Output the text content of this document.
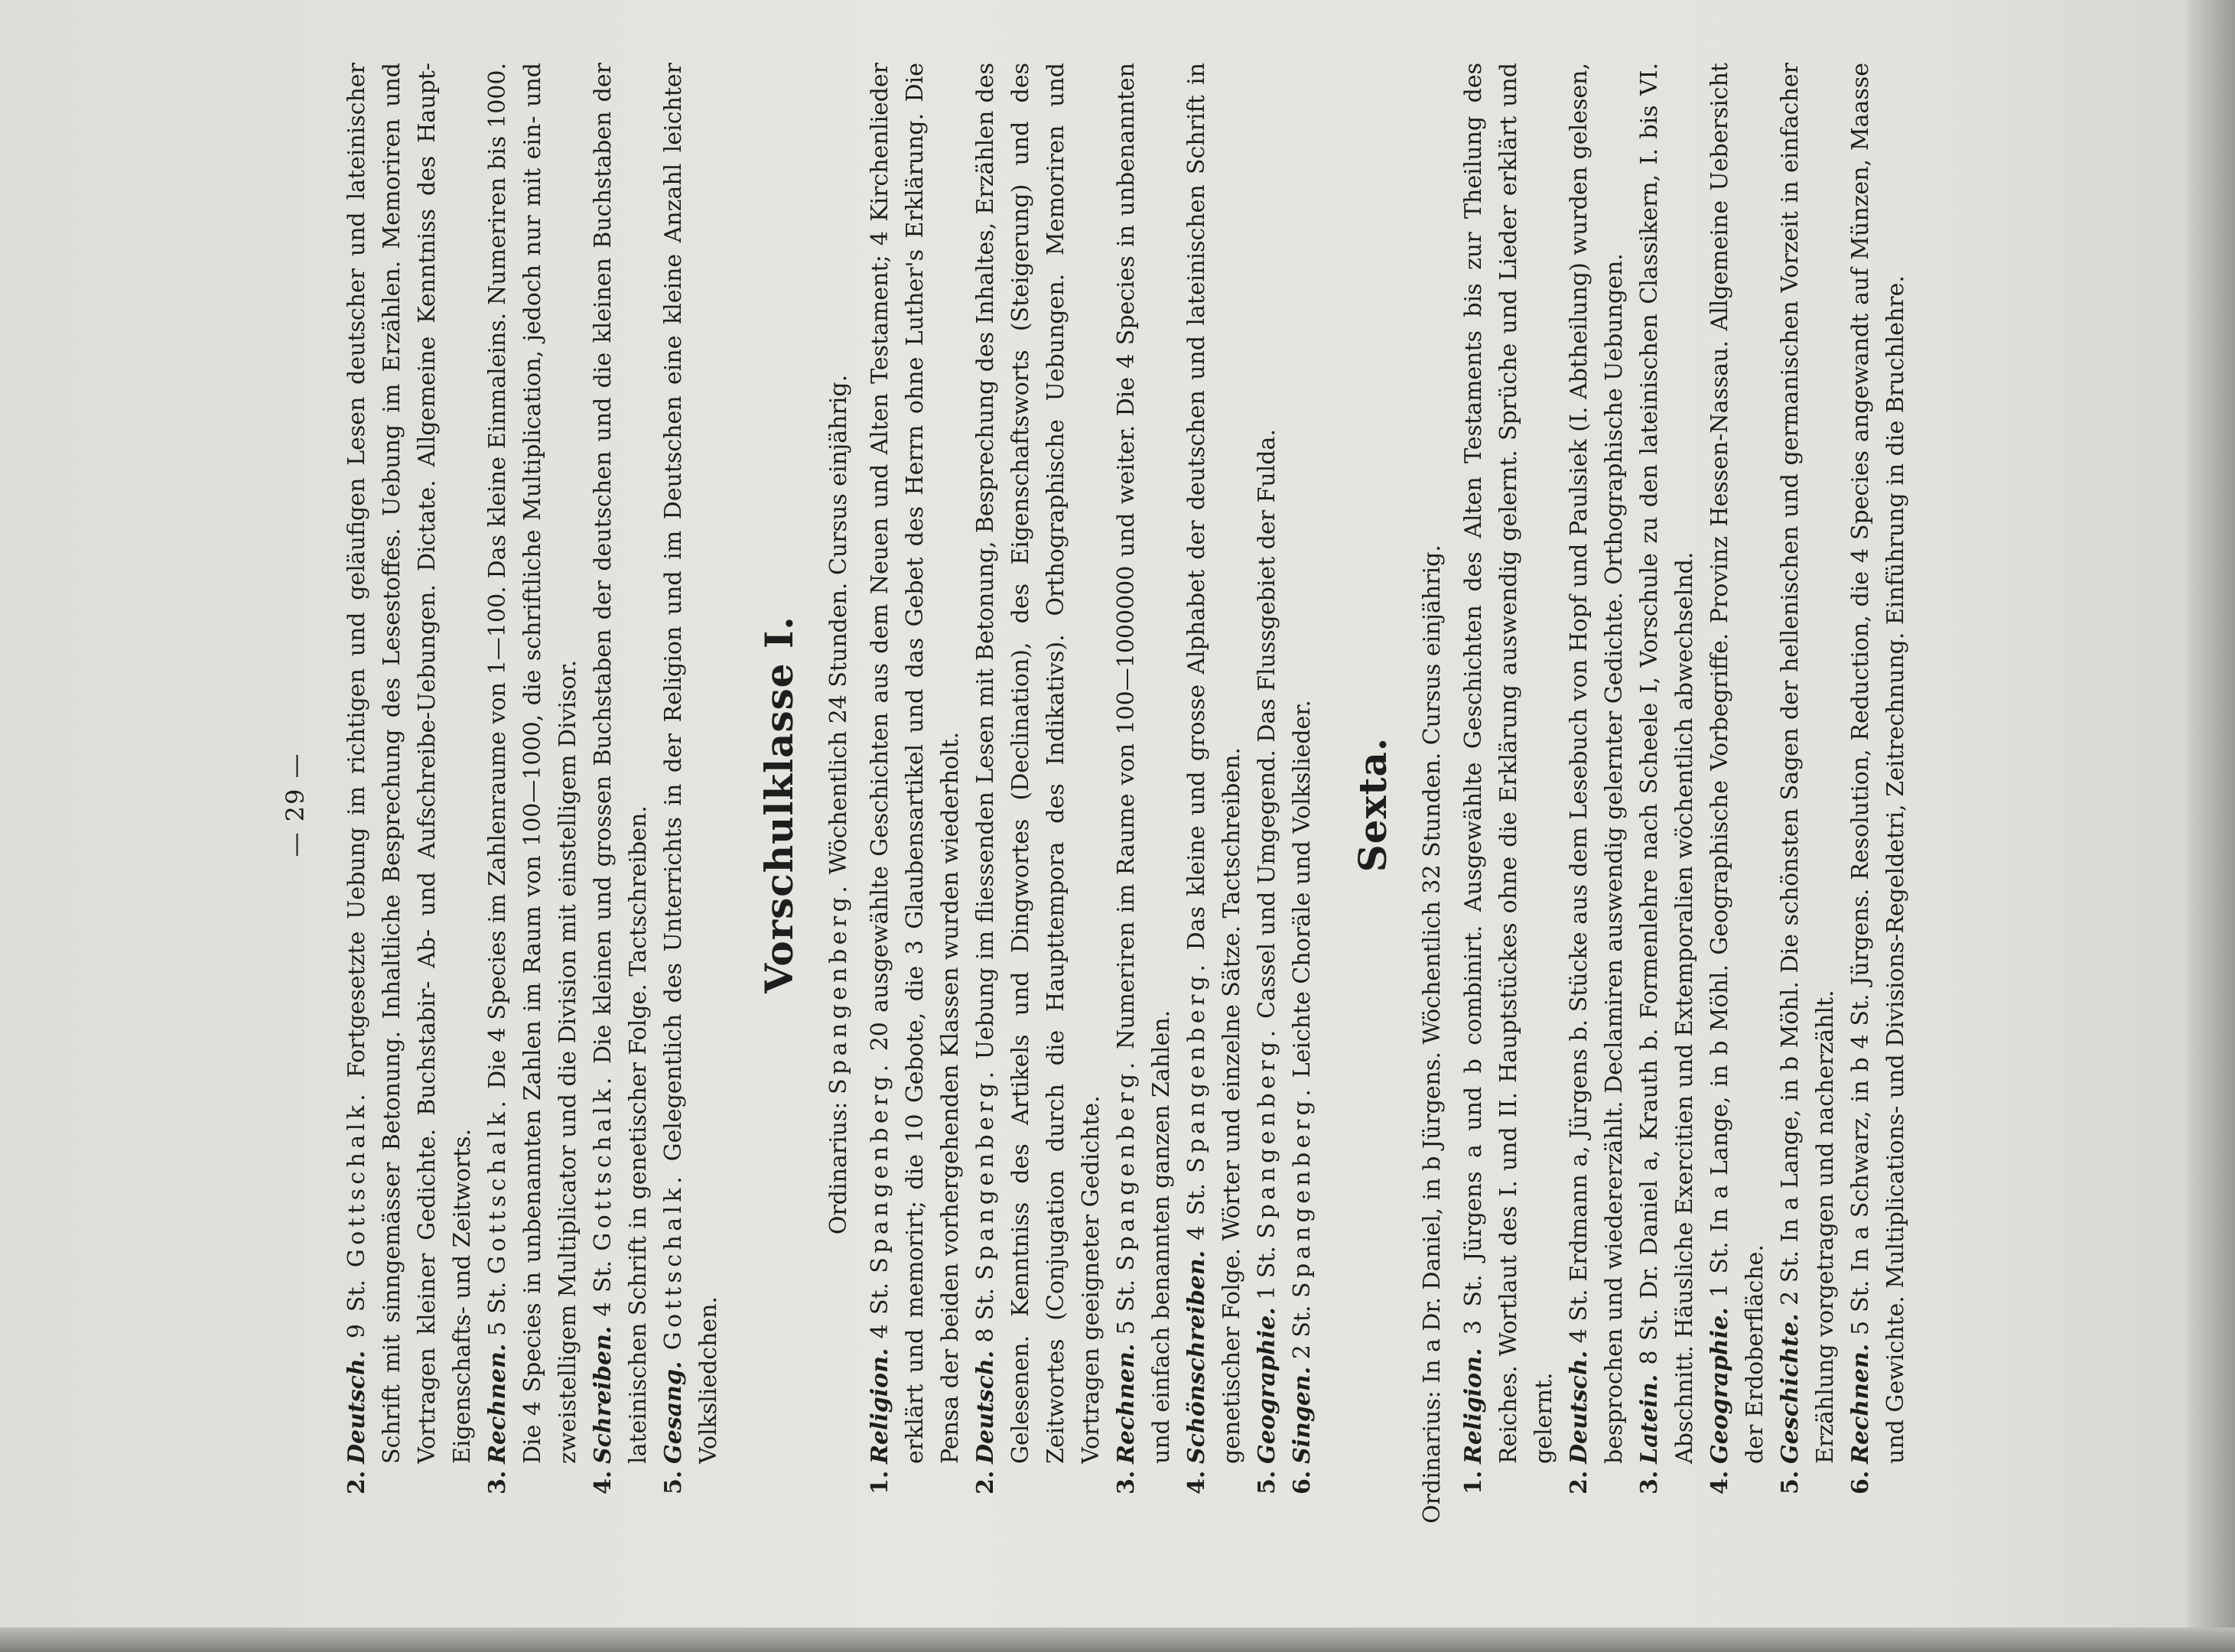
— 29 —

2.Deutsch. 9 St. Gottschalk. Fortgesetzte Uebung im richtigen und geläufigen Lesen deutscher und lateinischer Schrift mit sinngemässer Betonung. Inhaltliche Besprechung des Lesestoffes. Uebung im Erzählen. Memoriren und Vortragen kleiner Gedichte. Buchstabir- Ab- und Aufschreibe-Uebungen. Dictate. Allgemeine Kenntniss des Haupt- Eigenschafts- und Zeitworts.

3.Rechnen. 5 St. Gottschalk. Die 4 Species im Zahlenraume von 1—100. Das kleine Einmaleins. Numeriren bis 1000. Die 4 Species in unbenannten Zahlen im Raum von 100—1000, die schriftliche Multiplication, jedoch nur mit ein- und zweistelligem Multiplicator und die Division mit einstelligem Divisor.

4.Schreiben. 4 St. Gottschalk. Die kleinen und grossen Buchstaben der deutschen und die kleinen Buchstaben der lateinischen Schrift in genetischer Folge. Tactschreiben.

5.Gesang. Gottschalk. Gelegentlich des Unterrichts in der Religion und im Deutschen eine kleine Anzahl leichter Volksliedchen.

Vorschulklasse I.

Ordinarius: Spangenberg. Wöchentlich 24 Stunden. Cursus einjährig.

1.Religion. 4 St. Spangenberg. 20 ausgewählte Geschichten aus dem Neuen und Alten Testament; 4 Kirchenlieder erklärt und memorirt; die 10 Gebote, die 3 Glaubensartikel und das Gebet des Herrn ohne Luther's Erklärung. Die Pensa der beiden vorhergehenden Klassen wurden wiederholt.

2.Deutsch. 8 St. Spangenberg. Uebung im fliessenden Lesen mit Betonung, Besprechung des Inhaltes, Erzählen des Gelesenen. Kenntniss des Artikels und Dingwortes (Declination), des Eigenschaftsworts (Steigerung) und des Zeitwortes (Conjugation durch die Haupttempora des Indikativs). Orthographische Uebungen. Memoriren und Vortragen geeigneter Gedichte.

3.Rechnen. 5 St. Spangenberg. Numeriren im Raume von 100—1000000 und weiter. Die 4 Species in unbenannten und einfach benannten ganzen Zahlen.

4.Schönschreiben. 4 St. Spangenberg. Das kleine und grosse Alphabet der deutschen und lateinischen Schrift in genetischer Folge. Wörter und einzelne Sätze. Tactschreiben.

5.Geographie. 1 St. Spangenberg. Cassel und Umgegend. Das Flussgebiet der Fulda.

6.Singen. 2 St. Spangenberg. Leichte Choräle und Volkslieder. Sexta. Ordinarius: In a Dr. Daniel, in b Jürgens. Wöchentlich 32 Stunden. Cursus einjährig. 1.Religion. 3 St. Jürgens a und b combinirt. Ausgewählte Geschichten des Alten Testaments bis zur Theilung des Reiches. Wortlaut des I. und II. Hauptstückes ohne die Erklärung auswendig gelernt. Sprüche und Lieder erklärt und gelernt.

2.Deutsch. 4 St. Erdmann a, Jürgens b. Stücke aus dem Lesebuch von Hopf und Paulsiek (I. Abtheilung) wurden gelesen, besprochen und wiedererzählt. Declamiren auswendig gelernter Gedichte. Orthographische Uebungen.

3.Latein. 8 St. Dr. Daniel a, Krauth b. Formenlehre nach Scheele I, Vorschule zu den lateinischen Classikern, I. bis VI. Abschnitt. Häusliche Exercitien und Extemporalien wöchentlich abwechselnd.

4.Geographie. 1 St. In a Lange, in b Möhl. Geographische Vorbegriffe. Provinz Hessen-Nassau. Allgemeine Uebersicht der Erdoberfläche.

5.Geschichte. 2 St. In a Lange, in b Möhl. Die schönsten Sagen der hellenischen und germanischen Vorzeit in einfacher Erzählung vorgetragen und nacherzählt.

6.Rechnen. 5 St. In a Schwarz, in b 4 St. Jürgens. Resolution, Reduction, die 4 Species angewandt auf Münzen, Maasse und Gewichte. Multiplications- und Divisions-Regeldetri, Zeitrechnung. Einführung in die Bruchlehre.
